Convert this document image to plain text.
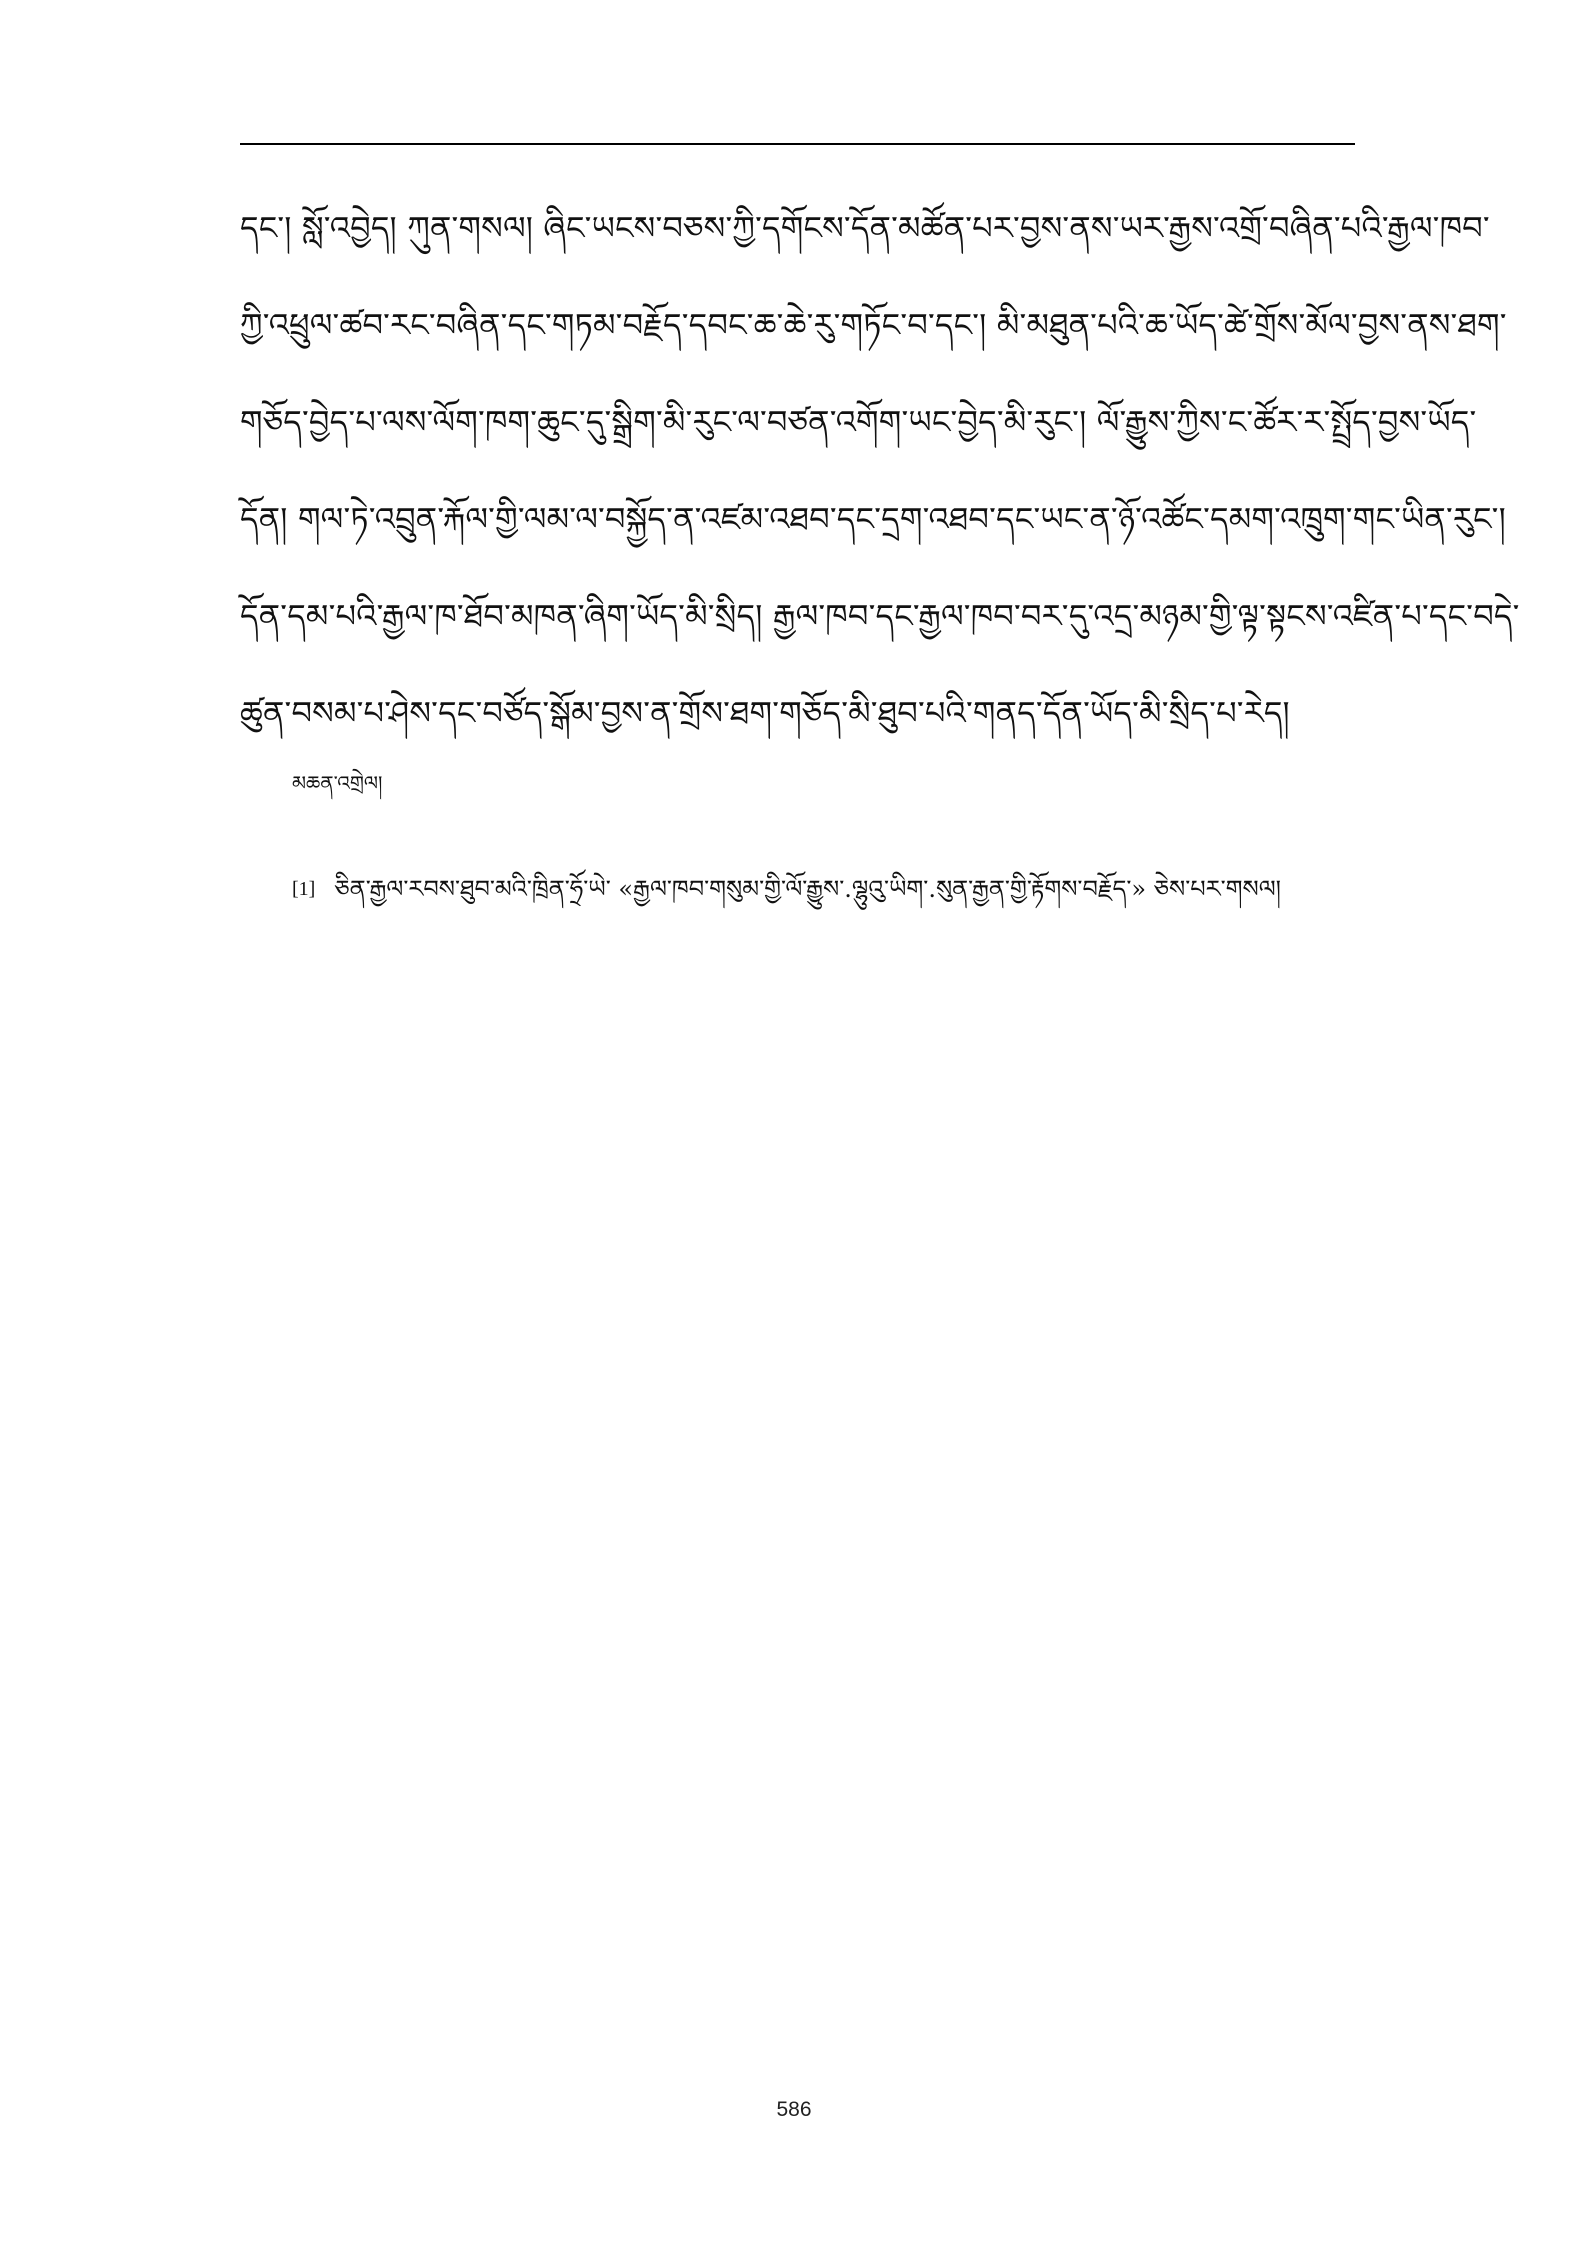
དང༌། སློ་འབྱེད། ཀུན་གསལ། ཞིང་ཡངས་བཅས་ཀྱི་དགོངས་དོན་མཚོན་པར་བྱས་ནས་ཡར་རྒྱས་འགྲོ་བཞིན་པའི་རྒྱལ་ཁབ་
ཀྱི་འཕྲུལ་ཚབ་རང་བཞིན་དང་གཏམ་བརྗོད་དབང་ཆ་ཆེ་རུ་གཏོང་བ་དང་། མི་མཐུན་པའི་ཆ་ཡོད་ཚེ་གྲོས་མོལ་བྱས་ནས་ཐག་
གཅོད་བྱེད་པ་ལས་ལོག་ཁག་ཆུང་དུ་སྒྲིག་མི་རུང་ལ་བཙན་འགོག་ཡང་བྱེད་མི་རུང་། ལོ་རྒྱུས་ཀྱིས་ང་ཚོར་ར་སྤྲོད་བྱས་ཡོད་
དོན། གལ་ཏེ་འབྲུན་རྐོལ་གྱི་ལམ་ལ་བསྐྱོད་ན་འཛམ་འཐབ་དང་དྲག་འཐབ་དང་ཡང་ན་ཉོ་འཚོང་དམག་འཁྲུག་གང་ཡིན་རུང་།
དོན་དམ་པའི་རྒྱལ་ཁ་ཐོབ་མཁན་ཞིག་ཡོད་མི་སྲིད། རྒྱལ་ཁབ་དང་རྒྱལ་ཁབ་བར་དུ་འདྲ་མཉམ་གྱི་ལྟ་སྟངས་འཛིན་པ་དང་བདེ་
ཚུན་བསམ་པ་ཤེས་དང་བཙོད་སྒོམ་བྱས་ན་གྲོས་ཐག་གཅོད་མི་ཐུབ་པའི་གནད་དོན་ཡོད་མི་སྲིད་པ་རེད།
མཆན་འགྲེལ།
[1] ཅིན་རྒྱལ་རབས་ཐུབ་མའི་ཁྲིན་ཧྲོ་ཡེ་ «རྒྱལ་ཁབ་གསུམ་གྱི་ལོ་རྒྱུས་.ལྷུའུ་ཡིག་.སུན་རྒྱན་གྱི་རྟོགས་བརྗོད་» ཅེས་པར་གསལ།
586
